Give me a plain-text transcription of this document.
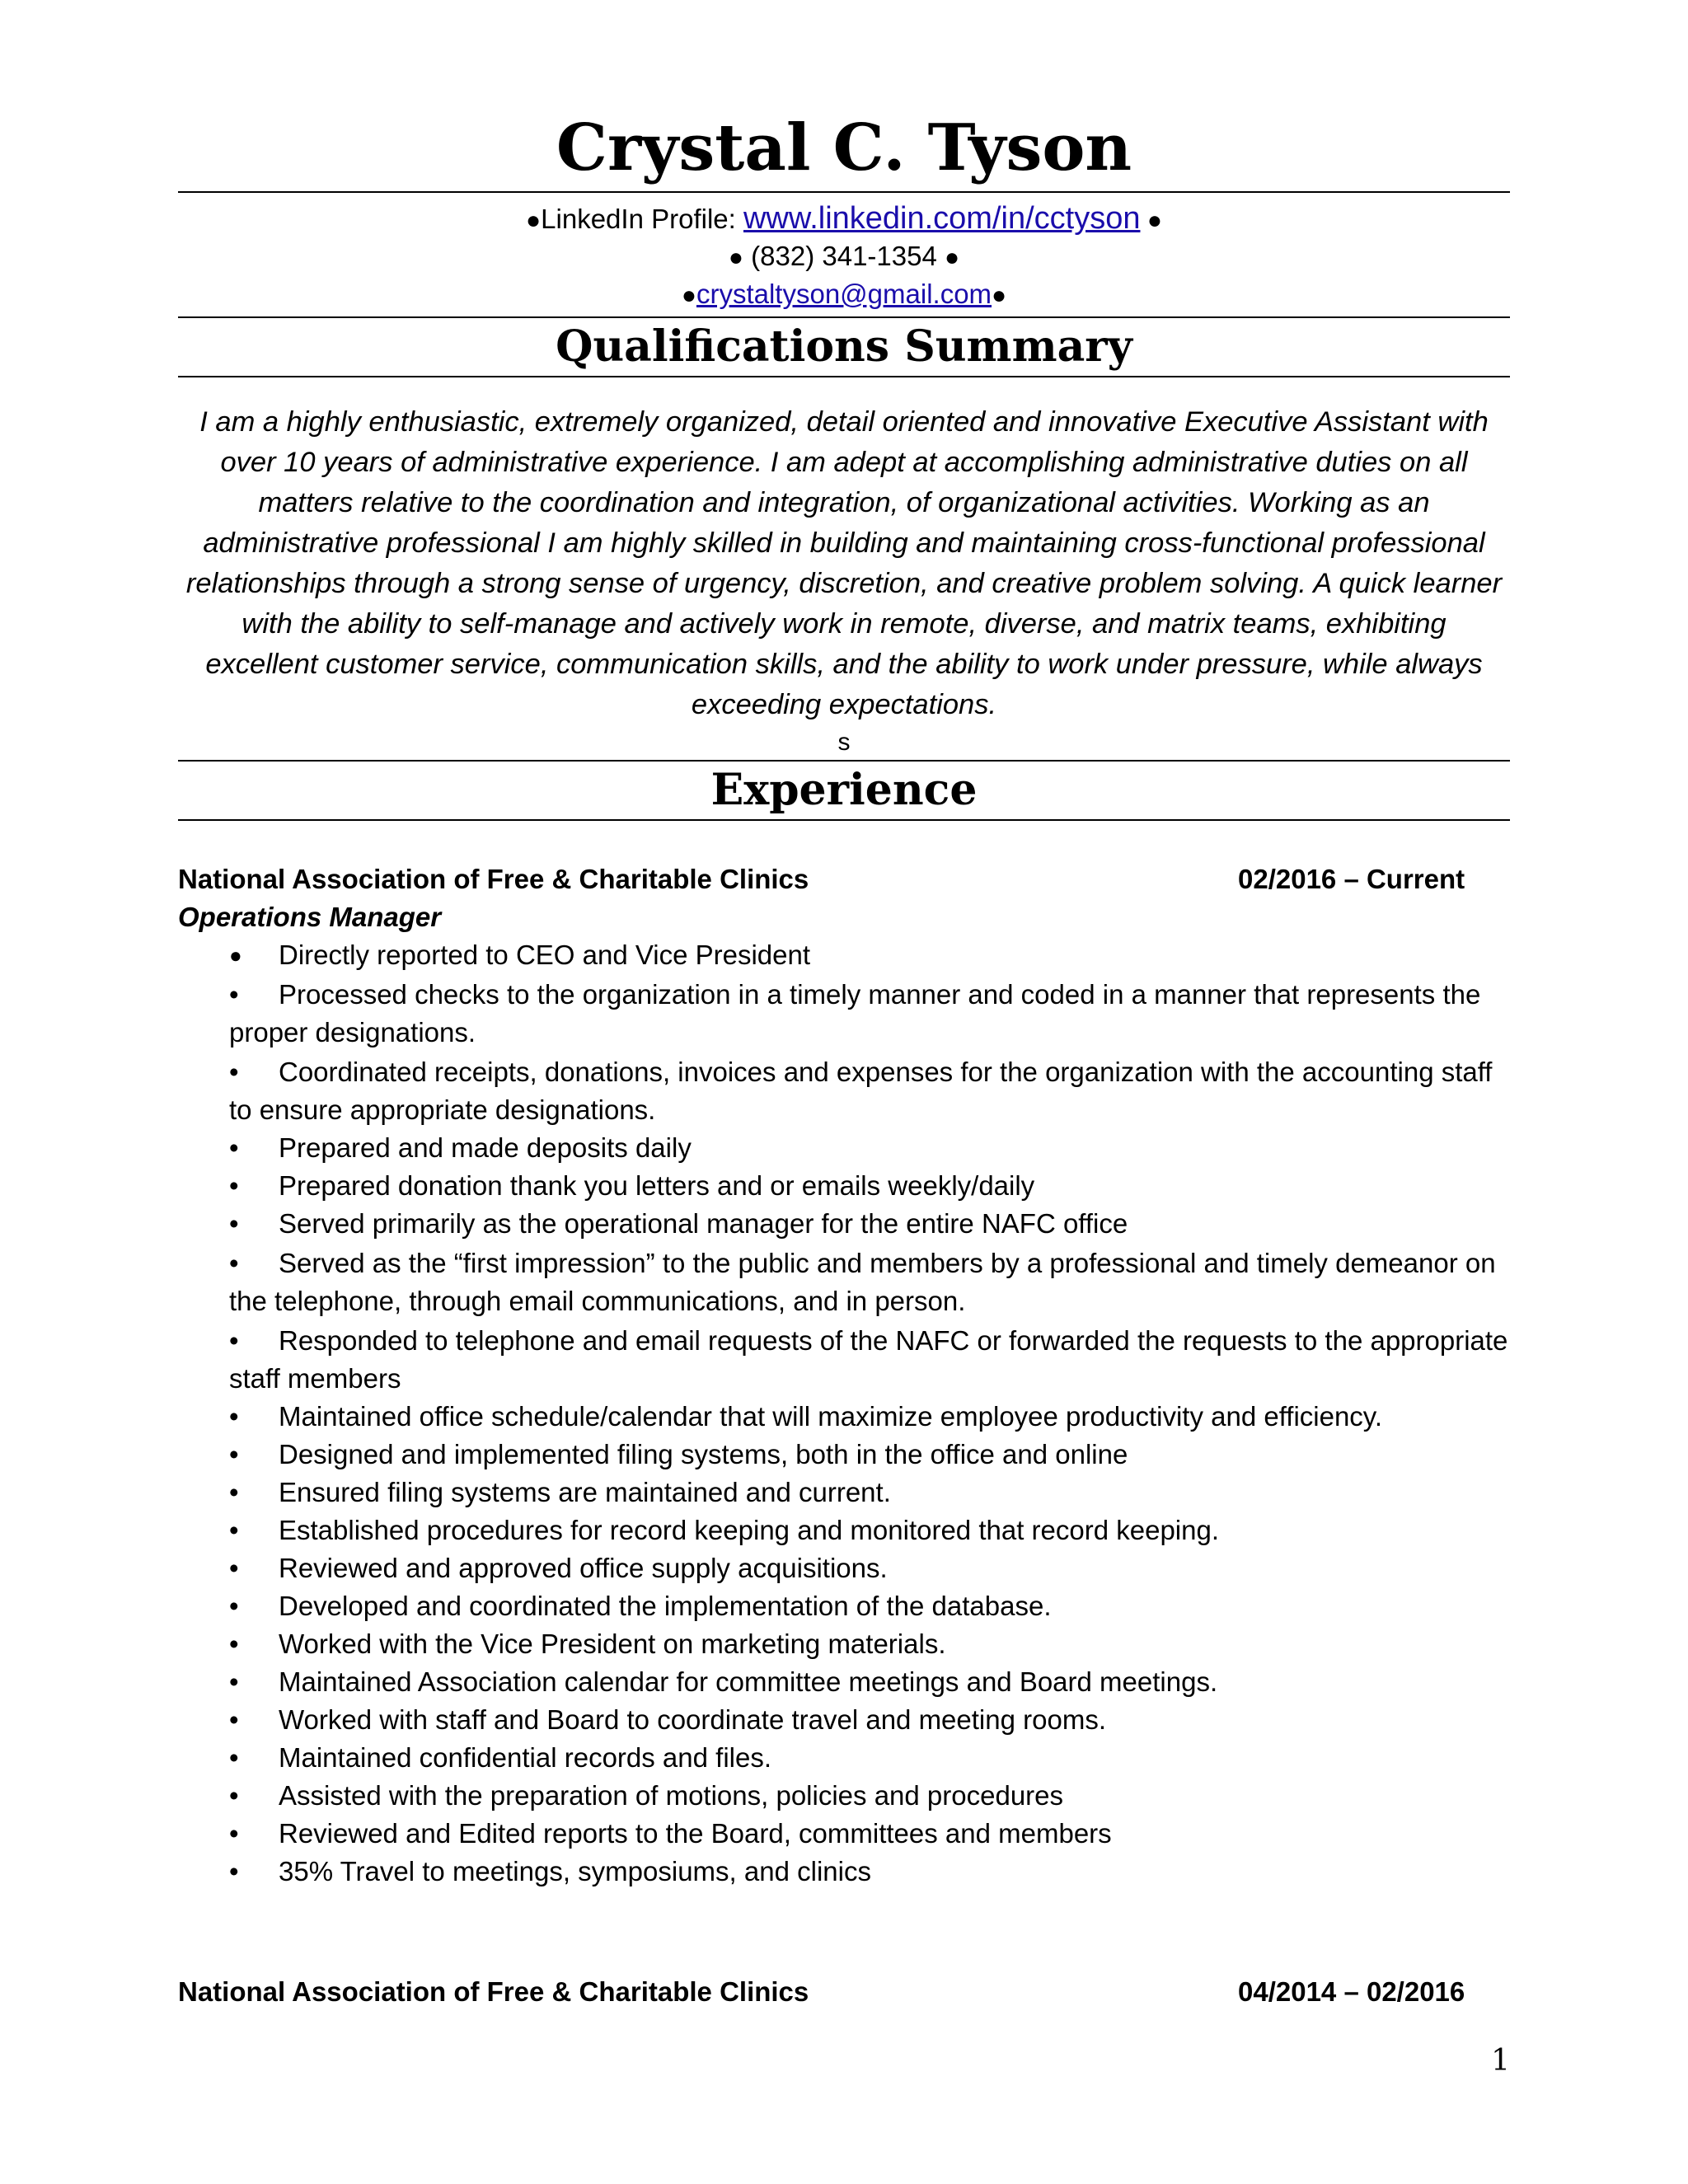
Crystal C. Tyson
●LinkedIn Profile: www.linkedin.com/in/cctyson ●
● (832) 341-1354 ●
●crystaltyson@gmail.com●
Qualifications Summary
I am a highly enthusiastic, extremely organized, detail oriented and innovative Executive Assistant with over 10 years of administrative experience. I am adept at accomplishing administrative duties on all matters relative to the coordination and integration, of organizational activities. Working as an administrative professional I am highly skilled in building and maintaining cross-functional professional relationships through a strong sense of urgency, discretion, and creative problem solving. A quick learner with the ability to self-manage and actively work in remote, diverse, and matrix teams, exhibiting excellent customer service, communication skills, and the ability to work under pressure, while always exceeding expectations.
s
Experience
National Association of Free & Charitable Clinics	02/2016 – Current
Operations Manager
● Directly reported to CEO and Vice President
• Processed checks to the organization in a timely manner and coded in a manner that represents the proper designations.
• Coordinated receipts, donations, invoices and expenses for the organization with the accounting staff to ensure appropriate designations.
• Prepared and made deposits daily
• Prepared donation thank you letters and or emails weekly/daily
• Served primarily as the operational manager for the entire NAFC office
• Served as the “first impression” to the public and members by a professional and timely demeanor on the telephone, through email communications, and in person.
• Responded to telephone and email requests of the NAFC or forwarded the requests to the appropriate staff members
• Maintained office schedule/calendar that will maximize employee productivity and efficiency.
• Designed and implemented filing systems, both in the office and online
• Ensured filing systems are maintained and current.
• Established procedures for record keeping and monitored that record keeping.
• Reviewed and approved office supply acquisitions.
• Developed and coordinated the implementation of the database.
• Worked with the Vice President on marketing materials.
• Maintained Association calendar for committee meetings and Board meetings.
• Worked with staff and Board to coordinate travel and meeting rooms.
• Maintained confidential records and files.
• Assisted with the preparation of motions, policies and procedures
• Reviewed and Edited reports to the Board, committees and members
• 35% Travel to meetings, symposiums, and clinics
National Association of Free & Charitable Clinics	04/2014 – 02/2016
1
